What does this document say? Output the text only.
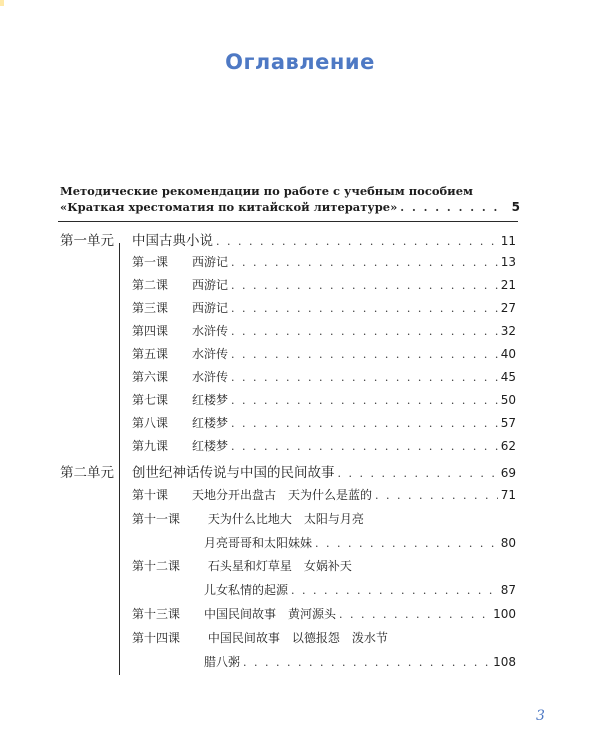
Оглавление
Методические рекомендации по работе с учебным пособием
«Краткая хрестоматия по китайской литературе» . . .	5
第一单元	中国古典小说 . . .	11
第一课	西游记 . . .	13
第二课	西游记 . . .	21
第三课	西游记 . . .	27
第四课	水浒传 . . .	32
第五课	水浒传 . . .	40
第六课	水浒传 . . .	45
第七课	红楼梦 . . .	50
第八课	红楼梦 . . .	57
第九课	红楼梦 . . .	62
第二单元	创世纪神话传说与中国的民间故事 . . .	69
第十课	天地分开出盘古　天为什么是蓝的 . . .	71
第十一课 天为什么比地大　太阳与月亮
月亮哥哥和太阳妹妹 . . .	80
第十二课 石头星和灯草星　女娲补天
儿女私情的起源 . . .	87
第十三课	中国民间故事　黄河源头 . . .	100
第十四课 中国民间故事　以德报怨　泼水节
腊八粥 . . .	108
3
